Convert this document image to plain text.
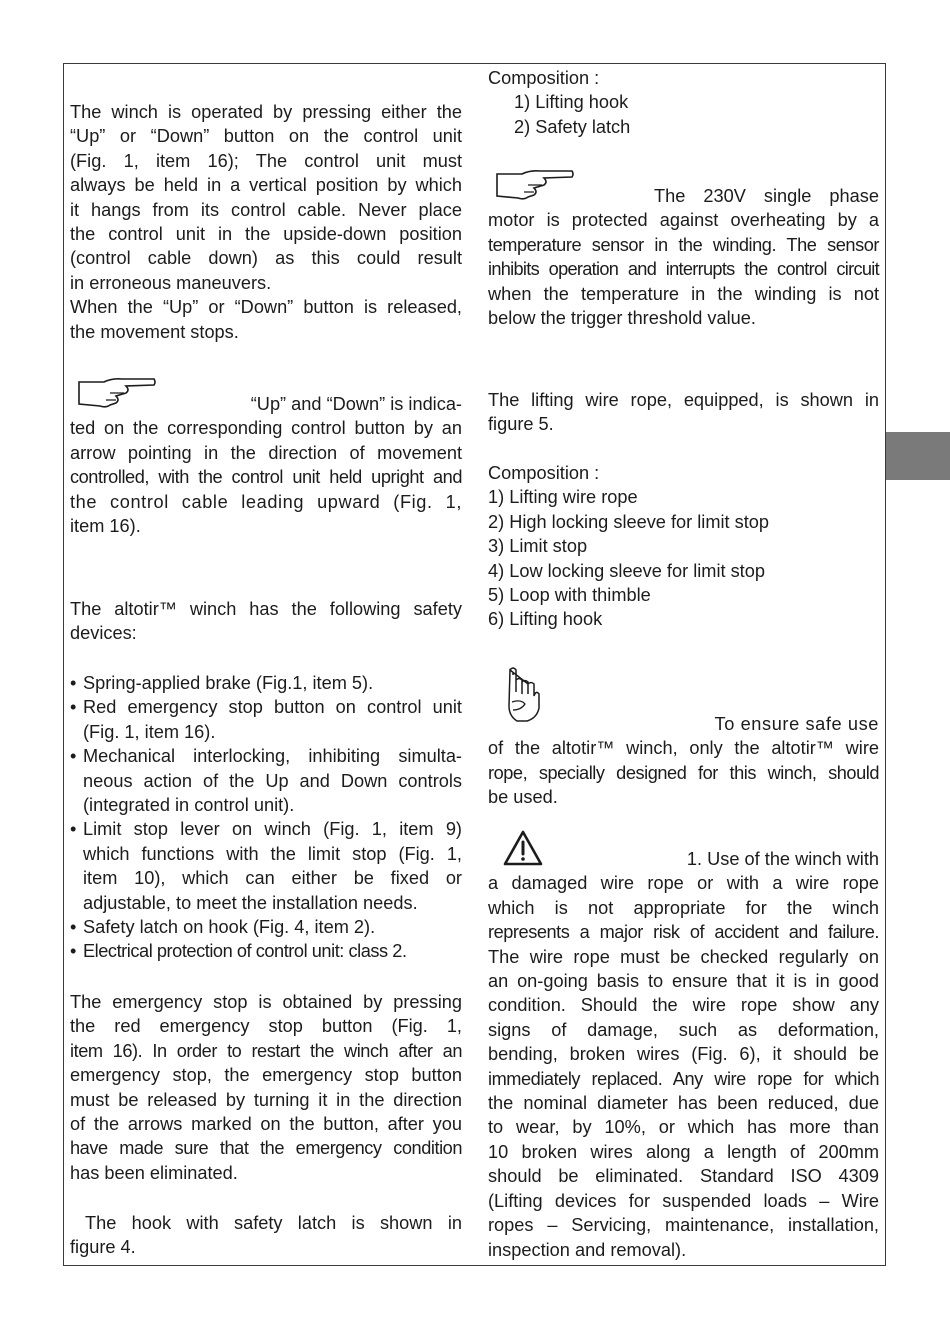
The winch is operated by pressing either the

“Up” or “Down” button on the control unit

(Fig. 1, item 16); The control unit must

always be held in a vertical position by which

it hangs from its control cable. Never place

the control unit in the upside-down position

(control cable down) as this could result

in erroneous maneuvers.

When the “Up” or “Down” button is released,

the movement stops.

“Up” and “Down” is indica-

ted on the corresponding control button by an

arrow pointing in the direction of movement

controlled, with the control unit held upright and

the control cable leading upward (Fig. 1,

item 16).

The altotir™ winch has the following safety

devices:

• Spring-applied brake (Fig.1, item 5).

• Red emergency stop button on control unit

(Fig. 1, item 16).

• Mechanical interlocking, inhibiting simulta-

neous action of the Up and Down controls

(integrated in control unit).

• Limit stop lever on winch (Fig. 1, item 9)

which functions with the limit stop (Fig. 1,

item 10), which can either be fixed or

adjustable, to meet the installation needs.

• Safety latch on hook (Fig. 4, item 2).

• Electrical protection of control unit: class 2.

The emergency stop is obtained by pressing

the red emergency stop button (Fig. 1,

item 16). In order to restart the winch after an

emergency stop, the emergency stop button

must be released by turning it in the direction

of the arrows marked on the button, after you

have made sure that the emergency condition

has been eliminated.

The hook with safety latch is shown in

figure 4.

Composition :

1) Lifting hook

2) Safety latch

The 230V single phase

motor is protected against overheating by a

temperature sensor in the winding. The sensor

inhibits operation and interrupts the control circuit

when the temperature in the winding is not

below the trigger threshold value.

The lifting wire rope, equipped, is shown in

figure 5.

Composition :

1) Lifting wire rope

2) High locking sleeve for limit stop

3) Limit stop

4) Low locking sleeve for limit stop

5) Loop with thimble

6) Lifting hook

To ensure safe use

of the altotir™ winch, only the altotir™ wire

rope, specially designed for this winch, should

be used.

1. Use of the winch with

a damaged wire rope or with a wire rope

which is not appropriate for the winch

represents a major risk of accident and failure.

The wire rope must be checked regularly on

an on-going basis to ensure that it is in good

condition. Should the wire rope show any

signs of damage, such as deformation,

bending, broken wires (Fig. 6), it should be

immediately replaced. Any wire rope for which

the nominal diameter has been reduced, due

to wear, by 10%, or which has more than

10 broken wires along a length of 200mm

should be eliminated. Standard ISO 4309

(Lifting devices for suspended loads – Wire

ropes – Servicing, maintenance, installation,

inspection and removal).
